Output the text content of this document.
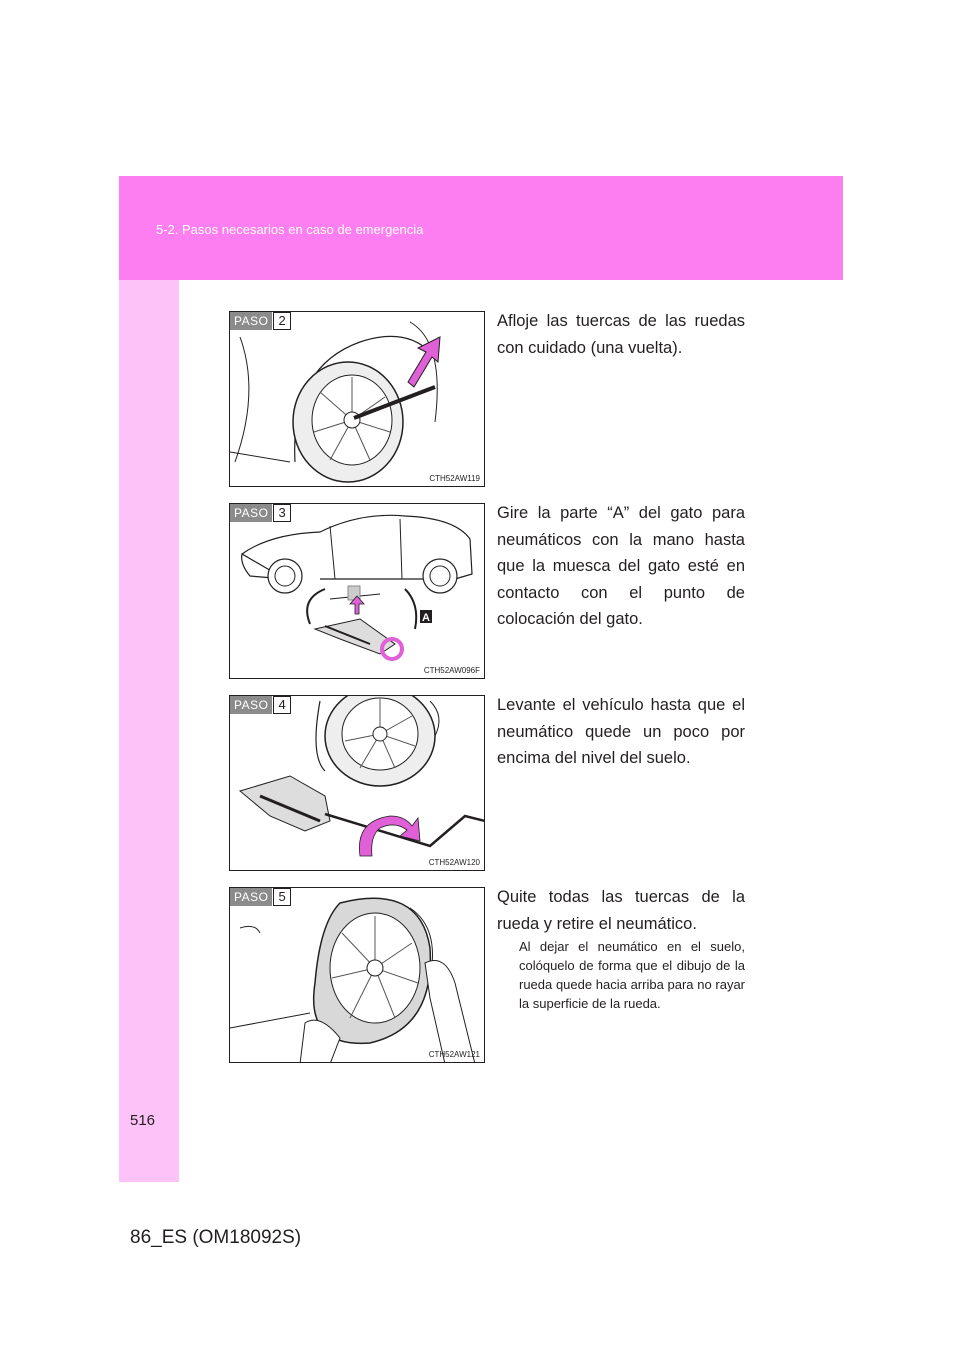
5-2. Pasos necesarios en caso de emergencia
PASO 2
CTH52AW119
Afloje las tuercas de las ruedas con cuidado (una vuelta).
PASO 3
A
CTH52AW096F
Gire la parte “A” del gato para neumáticos con la mano hasta que la muesca del gato esté en contacto con el punto de colocación del gato.
PASO 4
CTH52AW120
Levante el vehículo hasta que el neumático quede un poco por encima del nivel del suelo.
PASO 5
CTH52AW121
Quite todas las tuercas de la rueda y retire el neumático.
Al dejar el neumático en el suelo, colóquelo de forma que el dibujo de la rueda quede hacia arriba para no rayar la superficie de la rueda.
516
86_ES (OM18092S)
